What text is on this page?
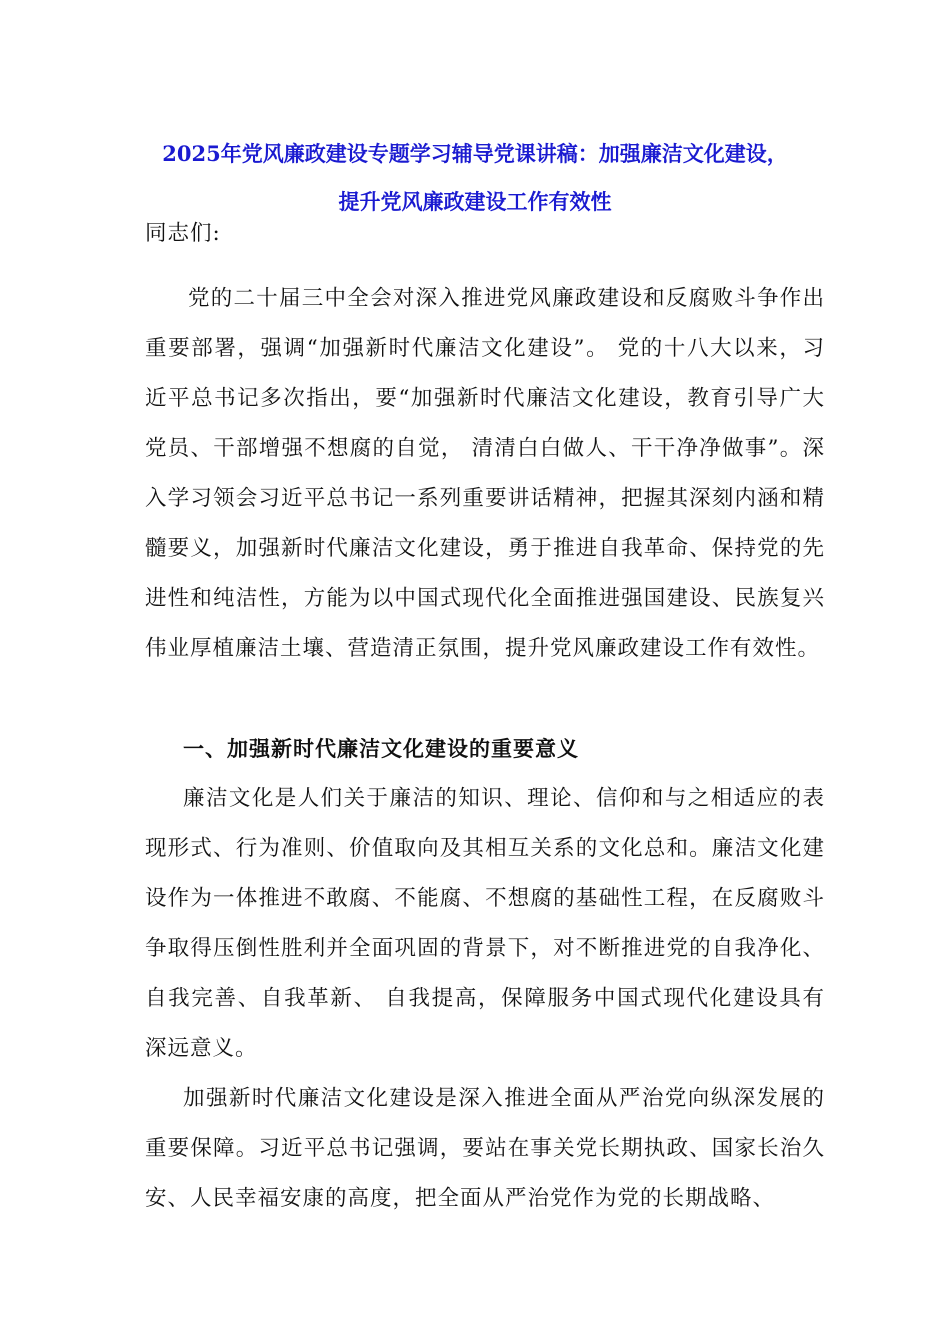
2025年党风廉政建设专题学习辅导党课讲稿：加强廉洁文化建设，
提升党风廉政建设工作有效性
同志们:
党的二十届三中全会对深入推进党风廉政建设和反腐败斗争作出重要部署，强调“加强新时代廉洁文化建设”。 党的十八大以来，习近平总书记多次指出，要“加强新时代廉洁文化建设，教育引导广大党员、干部增强不想腐的自觉， 清清白白做人、干干净净做事”。深入学习领会习近平总书记一系列重要讲话精神，把握其深刻内涵和精髓要义，加强新时代廉洁文化建设，勇于推进自我革命、保持党的先进性和纯洁性，方能为以中国式现代化全面推进强国建设、民族复兴伟业厚植廉洁土壤、营造清正氛围，提升党风廉政建设工作有效性。
一、加强新时代廉洁文化建设的重要意义
廉洁文化是人们关于廉洁的知识、理论、信仰和与之相适应的表现形式、行为准则、价值取向及其相互关系的文化总和。廉洁文化建设作为一体推进不敢腐、不能腐、不想腐的基础性工程，在反腐败斗争取得压倒性胜利并全面巩固的背景下，对不断推进党的自我净化、自我完善、自我革新、 自我提高，保障服务中国式现代化建设具有深远意义。
加强新时代廉洁文化建设是深入推进全面从严治党向纵深发展的重要保障。习近平总书记强调，要站在事关党长期执政、国家长治久安、人民幸福安康的高度，把全面从严治党作为党的长期战略、
